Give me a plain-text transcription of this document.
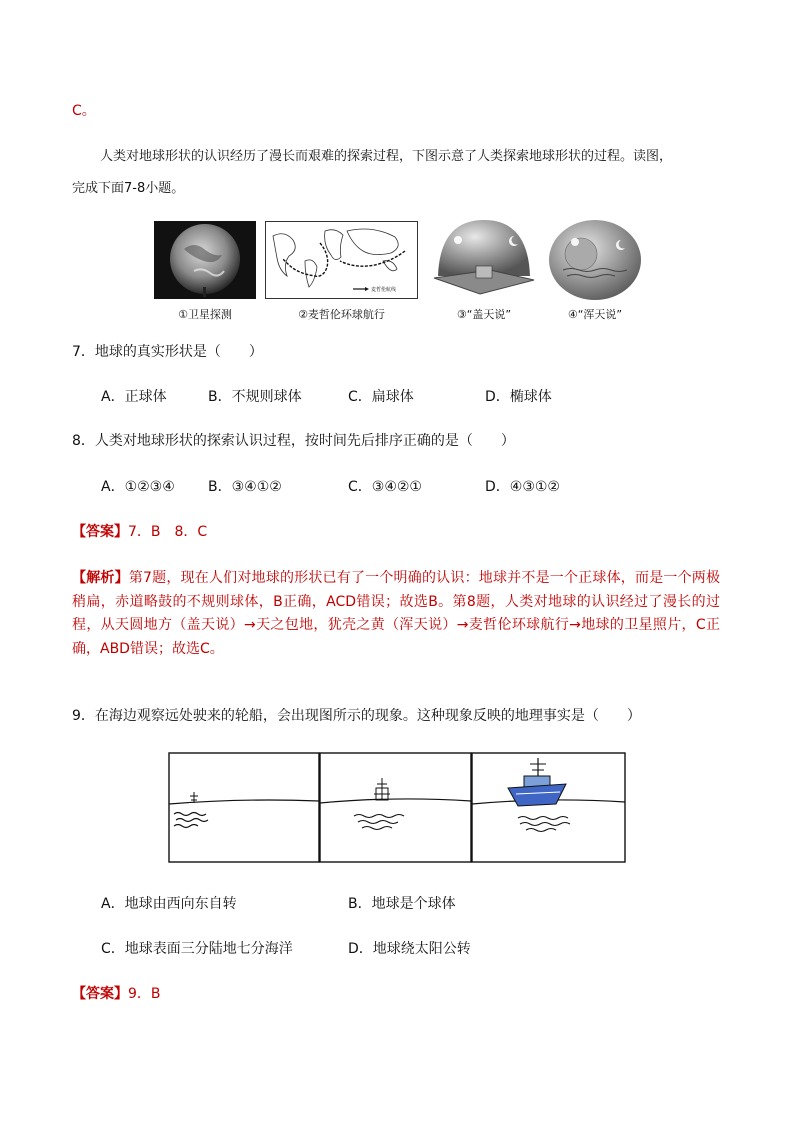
C。
人类对地球形状的认识经历了漫长而艰难的探索过程，下图示意了人类探索地球形状的过程。读图，
完成下面7-8小题。
麦哲伦航线
①卫星探测	②麦哲伦环球航行	③“盖天说”	④“浑天说”
7．地球的真实形状是（　　）
A．正球体	B．不规则球体	C．扁球体	D．椭球体
8．人类对地球形状的探索认识过程，按时间先后排序正确的是（　　）
A．①②③④ B．③④①②	C．③④②①	D．④③①②
【答案】7．B　8．C
【解析】第7题，现在人们对地球的形状已有了一个明确的认识：地球并不是一个正球体，而是一个两极稍扁，赤道略鼓的不规则球体，B正确，ACD错误；故选B。第8题，人类对地球的认识经过了漫长的过程，从天圆地方（盖天说）→天之包地，犹壳之黄（浑天说）→麦哲伦环球航行→地球的卫星照片，C正确，ABD错误；故选C。
9．在海边观察远处驶来的轮船，会出现图所示的现象。这种现象反映的地理事实是（　　）
A．地球由西向东自转	B．地球是个球体
C．地球表面三分陆地七分海洋	D．地球绕太阳公转
【答案】9．B
